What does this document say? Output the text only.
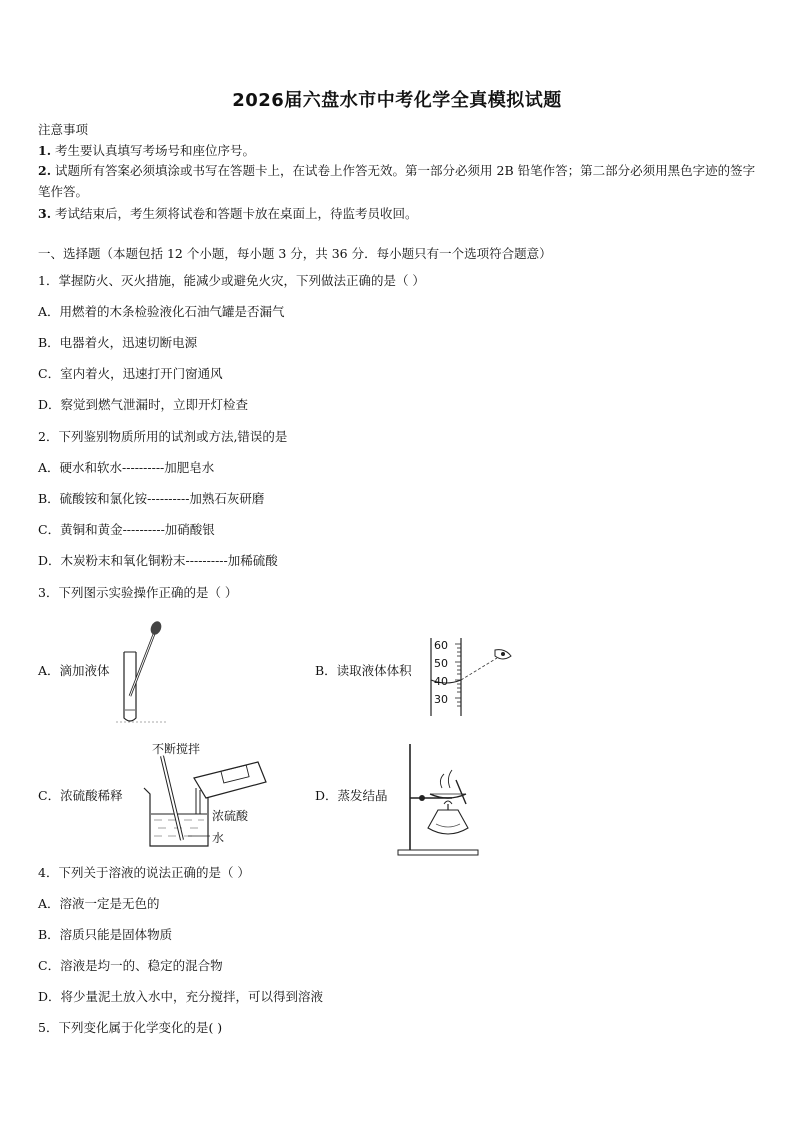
2026届六盘水市中考化学全真模拟试题
注意事项
1. 考生要认真填写考场号和座位序号。
2. 试题所有答案必须填涂或书写在答题卡上，在试卷上作答无效。第一部分必须用 2B 铅笔作答；第二部分必须用黑色字迹的签字笔作答。
3. 考试结束后，考生须将试卷和答题卡放在桌面上，待监考员收回。
一、选择题（本题包括 12 个小题，每小题 3 分，共 36 分．每小题只有一个选项符合题意）
1．掌握防火、灭火措施，能减少或避免火灾，下列做法正确的是（ ）
A．用燃着的木条检验液化石油气罐是否漏气
B．电器着火，迅速切断电源
C．室内着火，迅速打开门窗通风
D．察觉到燃气泄漏时，立即开灯检查
2．下列鉴别物质所用的试剂或方法,错误的是
A．硬水和软水----------加肥皂水
B．硫酸铵和氯化铵----------加熟石灰研磨
C．黄铜和黄金----------加硝酸银
D．木炭粉末和氧化铜粉末----------加稀硫酸
3．下列图示实验操作正确的是（ ）
A．滴加液体	B．读取液体体积
C．浓硫酸稀释	D．蒸发结晶
60
50
40
30
不断搅拌
浓硫酸
水
4．下列关于溶液的说法正确的是（ ）
A．溶液一定是无色的
B．溶质只能是固体物质
C．溶液是均一的、稳定的混合物
D．将少量泥土放入水中，充分搅拌，可以得到溶液
5．下列变化属于化学变化的是( )
